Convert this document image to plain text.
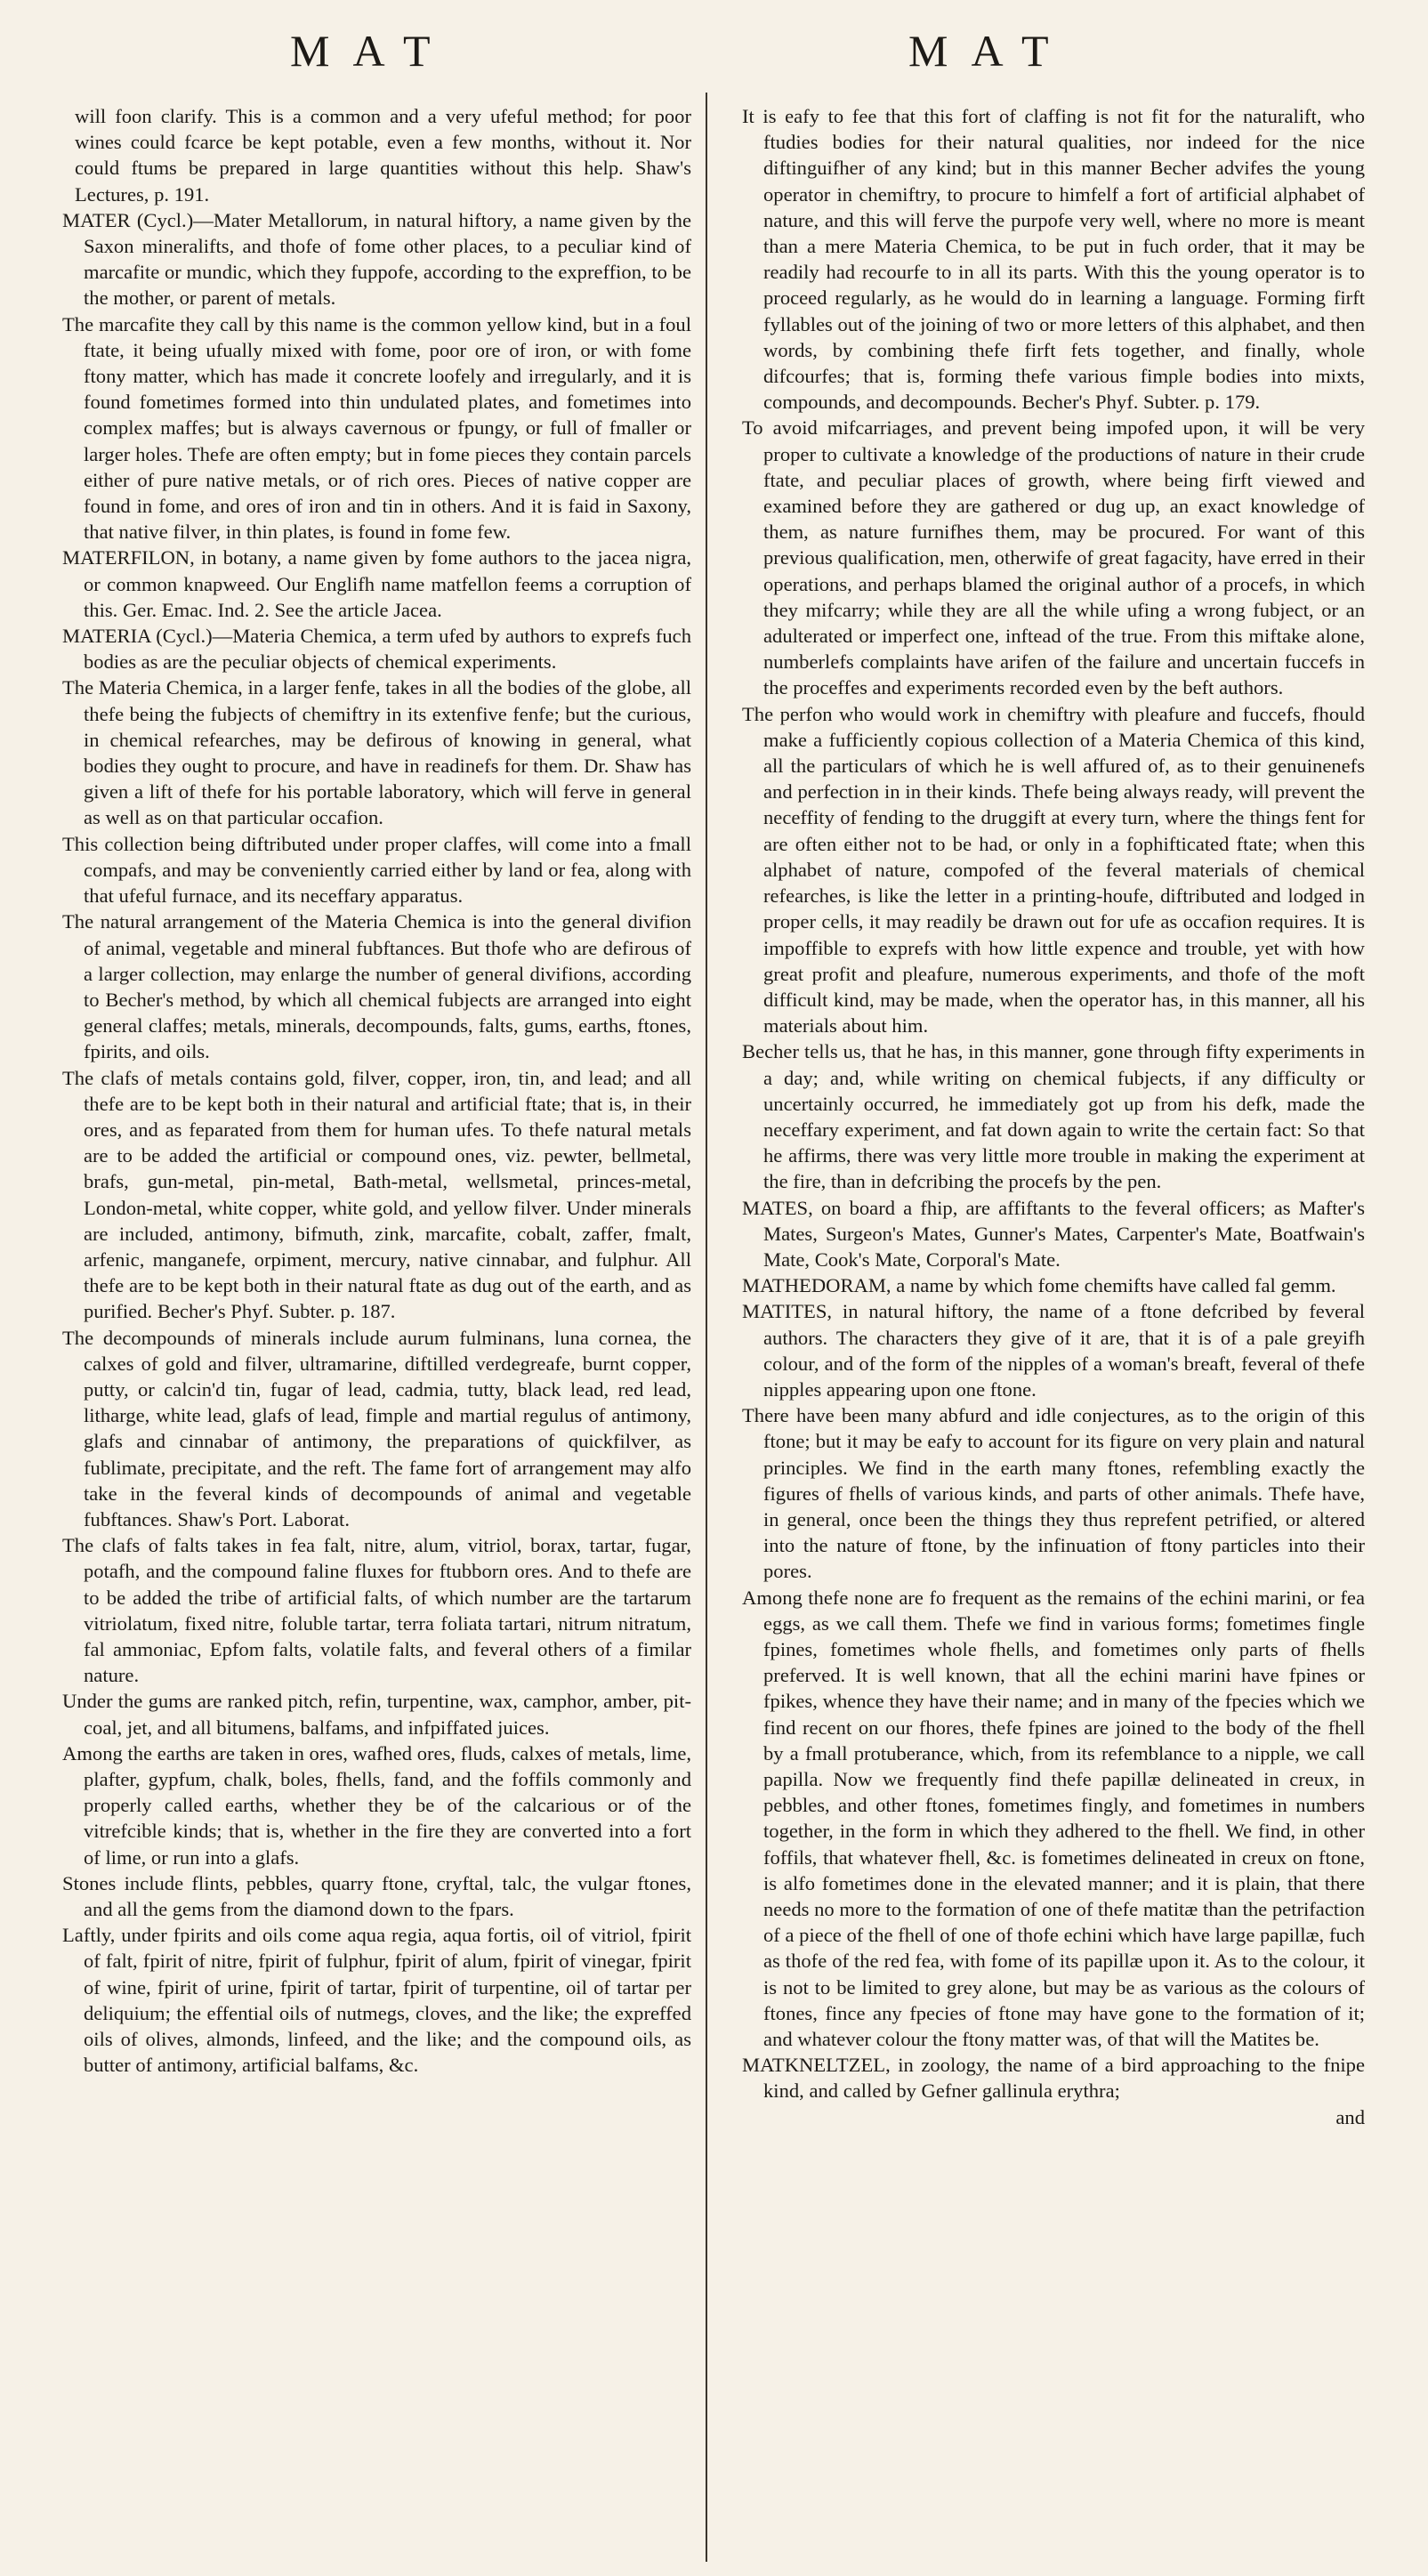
MAT	MAT

will foon clarify. This is a common and a very ufeful method; for poor wines could fcarce be kept potable, even a few months, without it. Nor could ftums be prepared in large quantities without this help. Shaw's Lectures, p. 191.

MATER (Cycl.)—Mater Metallorum, in natural hiftory, a name given by the Saxon mineralifts, and thofe of fome other places, to a peculiar kind of marcafite or mundic, which they fuppofe, according to the expreffion, to be the mother, or parent of metals.

The marcafite they call by this name is the common yellow kind, but in a foul ftate, it being ufually mixed with fome, poor ore of iron, or with fome ftony matter, which has made it concrete loofely and irregularly, and it is found fometimes formed into thin undulated plates, and fometimes into complex maffes; but is always cavernous or fpungy, or full of fmaller or larger holes. Thefe are often empty; but in fome pieces they contain parcels either of pure native metals, or of rich ores. Pieces of native copper are found in fome, and ores of iron and tin in others. And it is faid in Saxony, that native filver, in thin plates, is found in fome few.

MATERFILON, in botany, a name given by fome authors to the jacea nigra, or common knapweed. Our Englifh name matfellon feems a corruption of this. Ger. Emac. Ind. 2. See the article Jacea.

MATERIA (Cycl.)—Materia Chemica, a term ufed by authors to exprefs fuch bodies as are the peculiar objects of chemical experiments.

The Materia Chemica, in a larger fenfe, takes in all the bodies of the globe, all thefe being the fubjects of chemiftry in its extenfive fenfe; but the curious, in chemical refearches, may be defirous of knowing in general, what bodies they ought to procure, and have in readinefs for them. Dr. Shaw has given a lift of thefe for his portable laboratory, which will ferve in general as well as on that particular occafion.

This collection being diftributed under proper claffes, will come into a fmall compafs, and may be conveniently carried either by land or fea, along with that ufeful furnace, and its neceffary apparatus.

The natural arrangement of the Materia Chemica is into the general divifion of animal, vegetable and mineral fubftances. But thofe who are defirous of a larger collection, may enlarge the number of general divifions, according to Becher's method, by which all chemical fubjects are arranged into eight general claffes; metals, minerals, decompounds, falts, gums, earths, ftones, fpirits, and oils.

The clafs of metals contains gold, filver, copper, iron, tin, and lead; and all thefe are to be kept both in their natural and artificial ftate; that is, in their ores, and as feparated from them for human ufes. To thefe natural metals are to be added the artificial or compound ones, viz. pewter, bellmetal, brafs, gun-metal, pin-metal, Bath-metal, wellsmetal, princes-metal, London-metal, white copper, white gold, and yellow filver. Under minerals are included, antimony, bifmuth, zink, marcafite, cobalt, zaffer, fmalt, arfenic, manganefe, orpiment, mercury, native cinnabar, and fulphur. All thefe are to be kept both in their natural ftate as dug out of the earth, and as purified. Becher's Phyf. Subter. p. 187.

The decompounds of minerals include aurum fulminans, luna cornea, the calxes of gold and filver, ultramarine, diftilled verdegreafe, burnt copper, putty, or calcin'd tin, fugar of lead, cadmia, tutty, black lead, red lead, litharge, white lead, glafs of lead, fimple and martial regulus of antimony, glafs and cinnabar of antimony, the preparations of quickfilver, as fublimate, precipitate, and the reft. The fame fort of arrangement may alfo take in the feveral kinds of decompounds of animal and vegetable fubftances. Shaw's Port. Laborat.

The clafs of falts takes in fea falt, nitre, alum, vitriol, borax, tartar, fugar, potafh, and the compound faline fluxes for ftubborn ores. And to thefe are to be added the tribe of artificial falts, of which number are the tartarum vitriolatum, fixed nitre, foluble tartar, terra foliata tartari, nitrum nitratum, fal ammoniac, Epfom falts, volatile falts, and feveral others of a fimilar nature.

Under the gums are ranked pitch, refin, turpentine, wax, camphor, amber, pit-coal, jet, and all bitumens, balfams, and infpiffated juices.

Among the earths are taken in ores, wafhed ores, fluds, calxes of metals, lime, plafter, gypfum, chalk, boles, fhells, fand, and the foffils commonly and properly called earths, whether they be of the calcarious or of the vitrefcible kinds; that is, whether in the fire they are converted into a fort of lime, or run into a glafs.

Stones include flints, pebbles, quarry ftone, cryftal, talc, the vulgar ftones, and all the gems from the diamond down to the fpars.

Laftly, under fpirits and oils come aqua regia, aqua fortis, oil of vitriol, fpirit of falt, fpirit of nitre, fpirit of fulphur, fpirit of alum, fpirit of vinegar, fpirit of wine, fpirit of urine, fpirit of tartar, fpirit of turpentine, oil of tartar per deliquium; the effential oils of nutmegs, cloves, and the like; the expreffed oils of olives, almonds, linfeed, and the like; and the compound oils, as butter of antimony, artificial balfams, &c.

It is eafy to fee that this fort of claffing is not fit for the naturalift, who ftudies bodies for their natural qualities, nor indeed for the nice diftinguifher of any kind; but in this manner Becher advifes the young operator in chemiftry, to procure to himfelf a fort of artificial alphabet of nature, and this will ferve the purpofe very well, where no more is meant than a mere Materia Chemica, to be put in fuch order, that it may be readily had recourfe to in all its parts. With this the young operator is to proceed regularly, as he would do in learning a language. Forming firft fyllables out of the joining of two or more letters of this alphabet, and then words, by combining thefe firft fets together, and finally, whole difcourfes; that is, forming thefe various fimple bodies into mixts, compounds, and decompounds. Becher's Phyf. Subter. p. 179.

To avoid mifcarriages, and prevent being impofed upon, it will be very proper to cultivate a knowledge of the productions of nature in their crude ftate, and peculiar places of growth, where being firft viewed and examined before they are gathered or dug up, an exact knowledge of them, as nature furnifhes them, may be procured. For want of this previous qualification, men, otherwife of great fagacity, have erred in their operations, and perhaps blamed the original author of a procefs, in which they mifcarry; while they are all the while ufing a wrong fubject, or an adulterated or imperfect one, inftead of the true. From this miftake alone, numberlefs complaints have arifen of the failure and uncertain fuccefs in the proceffes and experiments recorded even by the beft authors.

The perfon who would work in chemiftry with pleafure and fuccefs, fhould make a fufficiently copious collection of a Materia Chemica of this kind, all the particulars of which he is well affured of, as to their genuinenefs and perfection in in their kinds. Thefe being always ready, will prevent the neceffity of fending to the druggift at every turn, where the things fent for are often either not to be had, or only in a fophifticated ftate; when this alphabet of nature, compofed of the feveral materials of chemical refearches, is like the letter in a printing-houfe, diftributed and lodged in proper cells, it may readily be drawn out for ufe as occafion requires. It is impoffible to exprefs with how little expence and trouble, yet with how great profit and pleafure, numerous experiments, and thofe of the moft difficult kind, may be made, when the operator has, in this manner, all his materials about him.

Becher tells us, that he has, in this manner, gone through fifty experiments in a day; and, while writing on chemical fubjects, if any difficulty or uncertainly occurred, he immediately got up from his defk, made the neceffary experiment, and fat down again to write the certain fact: So that he affirms, there was very little more trouble in making the experiment at the fire, than in defcribing the procefs by the pen.

MATES, on board a fhip, are affiftants to the feveral officers; as Mafter's Mates, Surgeon's Mates, Gunner's Mates, Carpenter's Mate, Boatfwain's Mate, Cook's Mate, Corporal's Mate.

MATHEDORAM, a name by which fome chemifts have called fal gemm.

MATITES, in natural hiftory, the name of a ftone defcribed by feveral authors. The characters they give of it are, that it is of a pale greyifh colour, and of the form of the nipples of a woman's breaft, feveral of thefe nipples appearing upon one ftone.

There have been many abfurd and idle conjectures, as to the origin of this ftone; but it may be eafy to account for its figure on very plain and natural principles. We find in the earth many ftones, refembling exactly the figures of fhells of various kinds, and parts of other animals. Thefe have, in general, once been the things they thus reprefent petrified, or altered into the nature of ftone, by the infinuation of ftony particles into their pores.

Among thefe none are fo frequent as the remains of the echini marini, or fea eggs, as we call them. Thefe we find in various forms; fometimes fingle fpines, fometimes whole fhells, and fometimes only parts of fhells preferved. It is well known, that all the echini marini have fpines or fpikes, whence they have their name; and in many of the fpecies which we find recent on our fhores, thefe fpines are joined to the body of the fhell by a fmall protuberance, which, from its refemblance to a nipple, we call papilla. Now we frequently find thefe papillæ delineated in creux, in pebbles, and other ftones, fometimes fingly, and fometimes in numbers together, in the form in which they adhered to the fhell. We find, in other foffils, that whatever fhell, &c. is fometimes delineated in creux on ftone, is alfo fometimes done in the elevated manner; and it is plain, that there needs no more to the formation of one of thefe matitæ than the petrifaction of a piece of the fhell of one of thofe echini which have large papillæ, fuch as thofe of the red fea, with fome of its papillæ upon it. As to the colour, it is not to be limited to grey alone, but may be as various as the colours of ftones, fince any fpecies of ftone may have gone to the formation of it; and whatever colour the ftony matter was, of that will the Matites be.

MATKNELTZEL, in zoology, the name of a bird approaching to the fnipe kind, and called by Gefner gallinula erythra;

and
